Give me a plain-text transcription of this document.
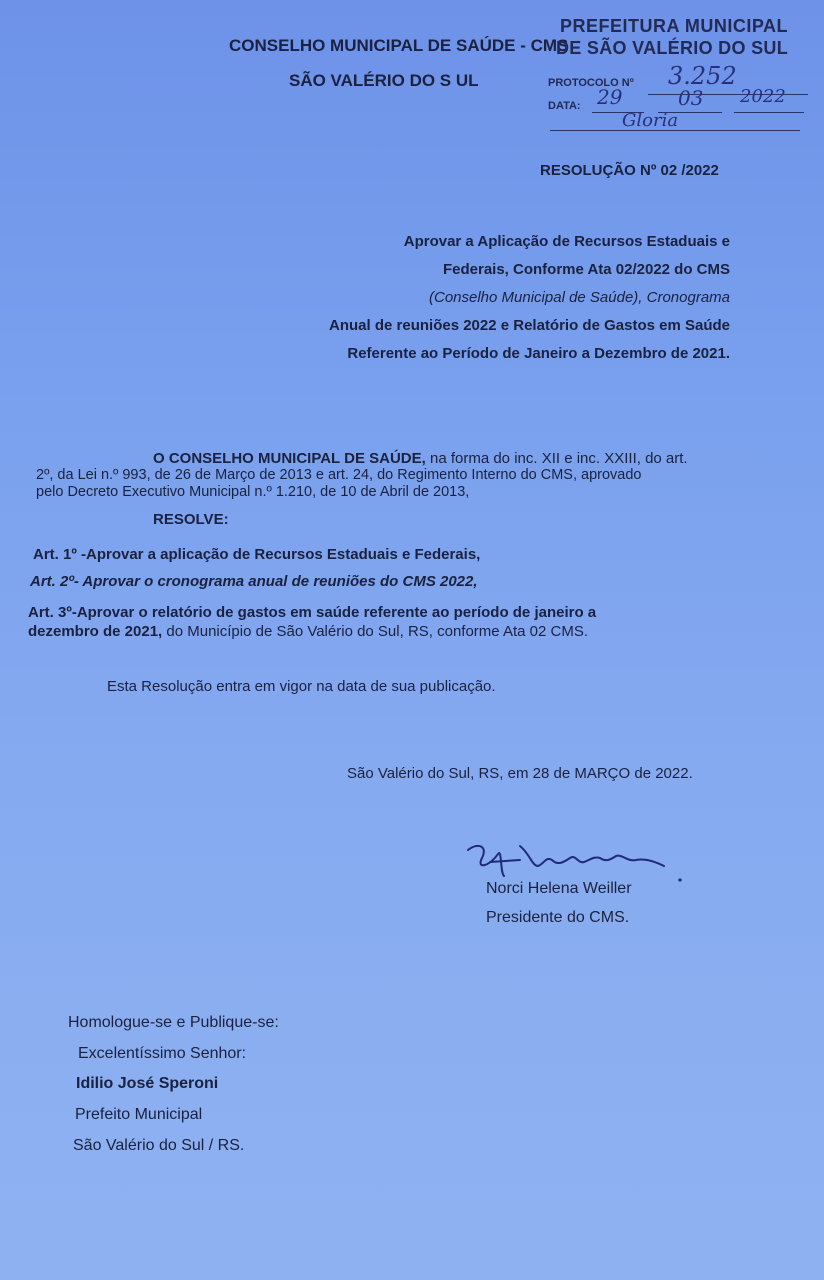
CONSELHO MUNICIPAL DE SAÚDE - CMS
SÃO VALÉRIO DO S UL
PREFEITURA MUNICIPAL
DE SÃO VALÉRIO DO SUL
PROTOCOLO Nº 3.252
DATA: 29	03 2022
Gloria
RESOLUÇÃO Nº 02 /2022
Aprovar a Aplicação de Recursos Estaduais e
Federais, Conforme Ata 02/2022 do CMS
(Conselho Municipal de Saúde), Cronograma
Anual de reuniões 2022 e Relatório de Gastos em Saúde
Referente ao Período de Janeiro a Dezembro de 2021.
O CONSELHO MUNICIPAL DE SAÚDE, na forma do inc. XII e inc. XXIII, do art.
2º, da Lei n.º 993, de 26 de Março de 2013 e art. 24, do Regimento Interno do CMS, aprovado
pelo Decreto Executivo Municipal n.º 1.210, de 10 de Abril de 2013,
RESOLVE:
Art. 1º -Aprovar a aplicação de Recursos Estaduais e Federais,
Art. 2º- Aprovar o cronograma anual de reuniões do CMS 2022,
Art. 3º-Aprovar o relatório de gastos em saúde referente ao período de janeiro a
dezembro de 2021, do Município de São Valério do Sul, RS, conforme Ata 02 CMS.
Esta Resolução entra em vigor na data de sua publicação.
São Valério do Sul, RS, em 28 de MARÇO de 2022.
Norci Helena Weiller
Presidente do CMS.
Homologue-se e Publique-se:
Excelentíssimo Senhor:
Idilio José Speroni
Prefeito Municipal
São Valério do Sul / RS.
